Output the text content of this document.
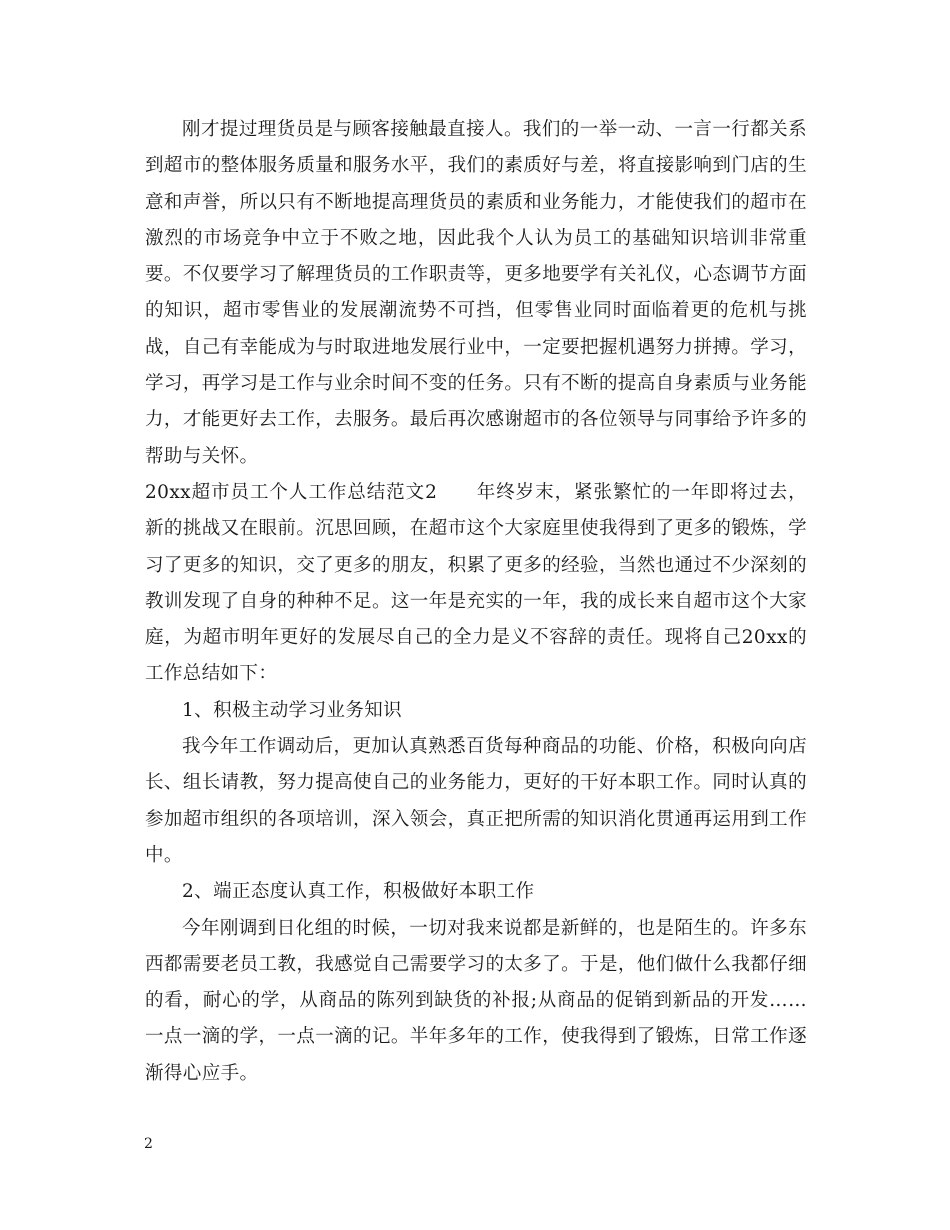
刚才提过理货员是与顾客接触最直接人。我们的一举一动、一言一行都关系到超市的整体服务质量和服务水平，我们的素质好与差，将直接影响到门店的生意和声誉，所以只有不断地提高理货员的素质和业务能力，才能使我们的超市在激烈的市场竞争中立于不败之地，因此我个人认为员工的基础知识培训非常重要。不仅要学习了解理货员的工作职责等，更多地要学有关礼仪，心态调节方面的知识，超市零售业的发展潮流势不可挡，但零售业同时面临着更的危机与挑战，自己有幸能成为与时取进地发展行业中，一定要把握机遇努力拼搏。学习，学习，再学习是工作与业余时间不变的任务。只有不断的提高自身素质与业务能力，才能更好去工作，去服务。最后再次感谢超市的各位领导与同事给予许多的帮助与关怀。

20xx超市员工个人工作总结范文2　　年终岁末，紧张繁忙的一年即将过去，新的挑战又在眼前。沉思回顾，在超市这个大家庭里使我得到了更多的锻炼，学习了更多的知识，交了更多的朋友，积累了更多的经验，当然也通过不少深刻的教训发现了自身的种种不足。这一年是充实的一年，我的成长来自超市这个大家庭，为超市明年更好的发展尽自己的全力是义不容辞的责任。现将自己20xx的工作总结如下：

1、积极主动学习业务知识

我今年工作调动后，更加认真熟悉百货每种商品的功能、价格，积极向向店长、组长请教，努力提高使自己的业务能力，更好的干好本职工作。同时认真的参加超市组织的各项培训，深入领会，真正把所需的知识消化贯通再运用到工作中。

2、端正态度认真工作，积极做好本职工作

今年刚调到日化组的时候，一切对我来说都是新鲜的，也是陌生的。许多东西都需要老员工教，我感觉自己需要学习的太多了。于是，他们做什么我都仔细的看，耐心的学，从商品的陈列到缺货的补报;从商品的促销到新品的开发……一点一滴的学，一点一滴的记。半年多年的工作，使我得到了锻炼，日常工作逐渐得心应手。

2
